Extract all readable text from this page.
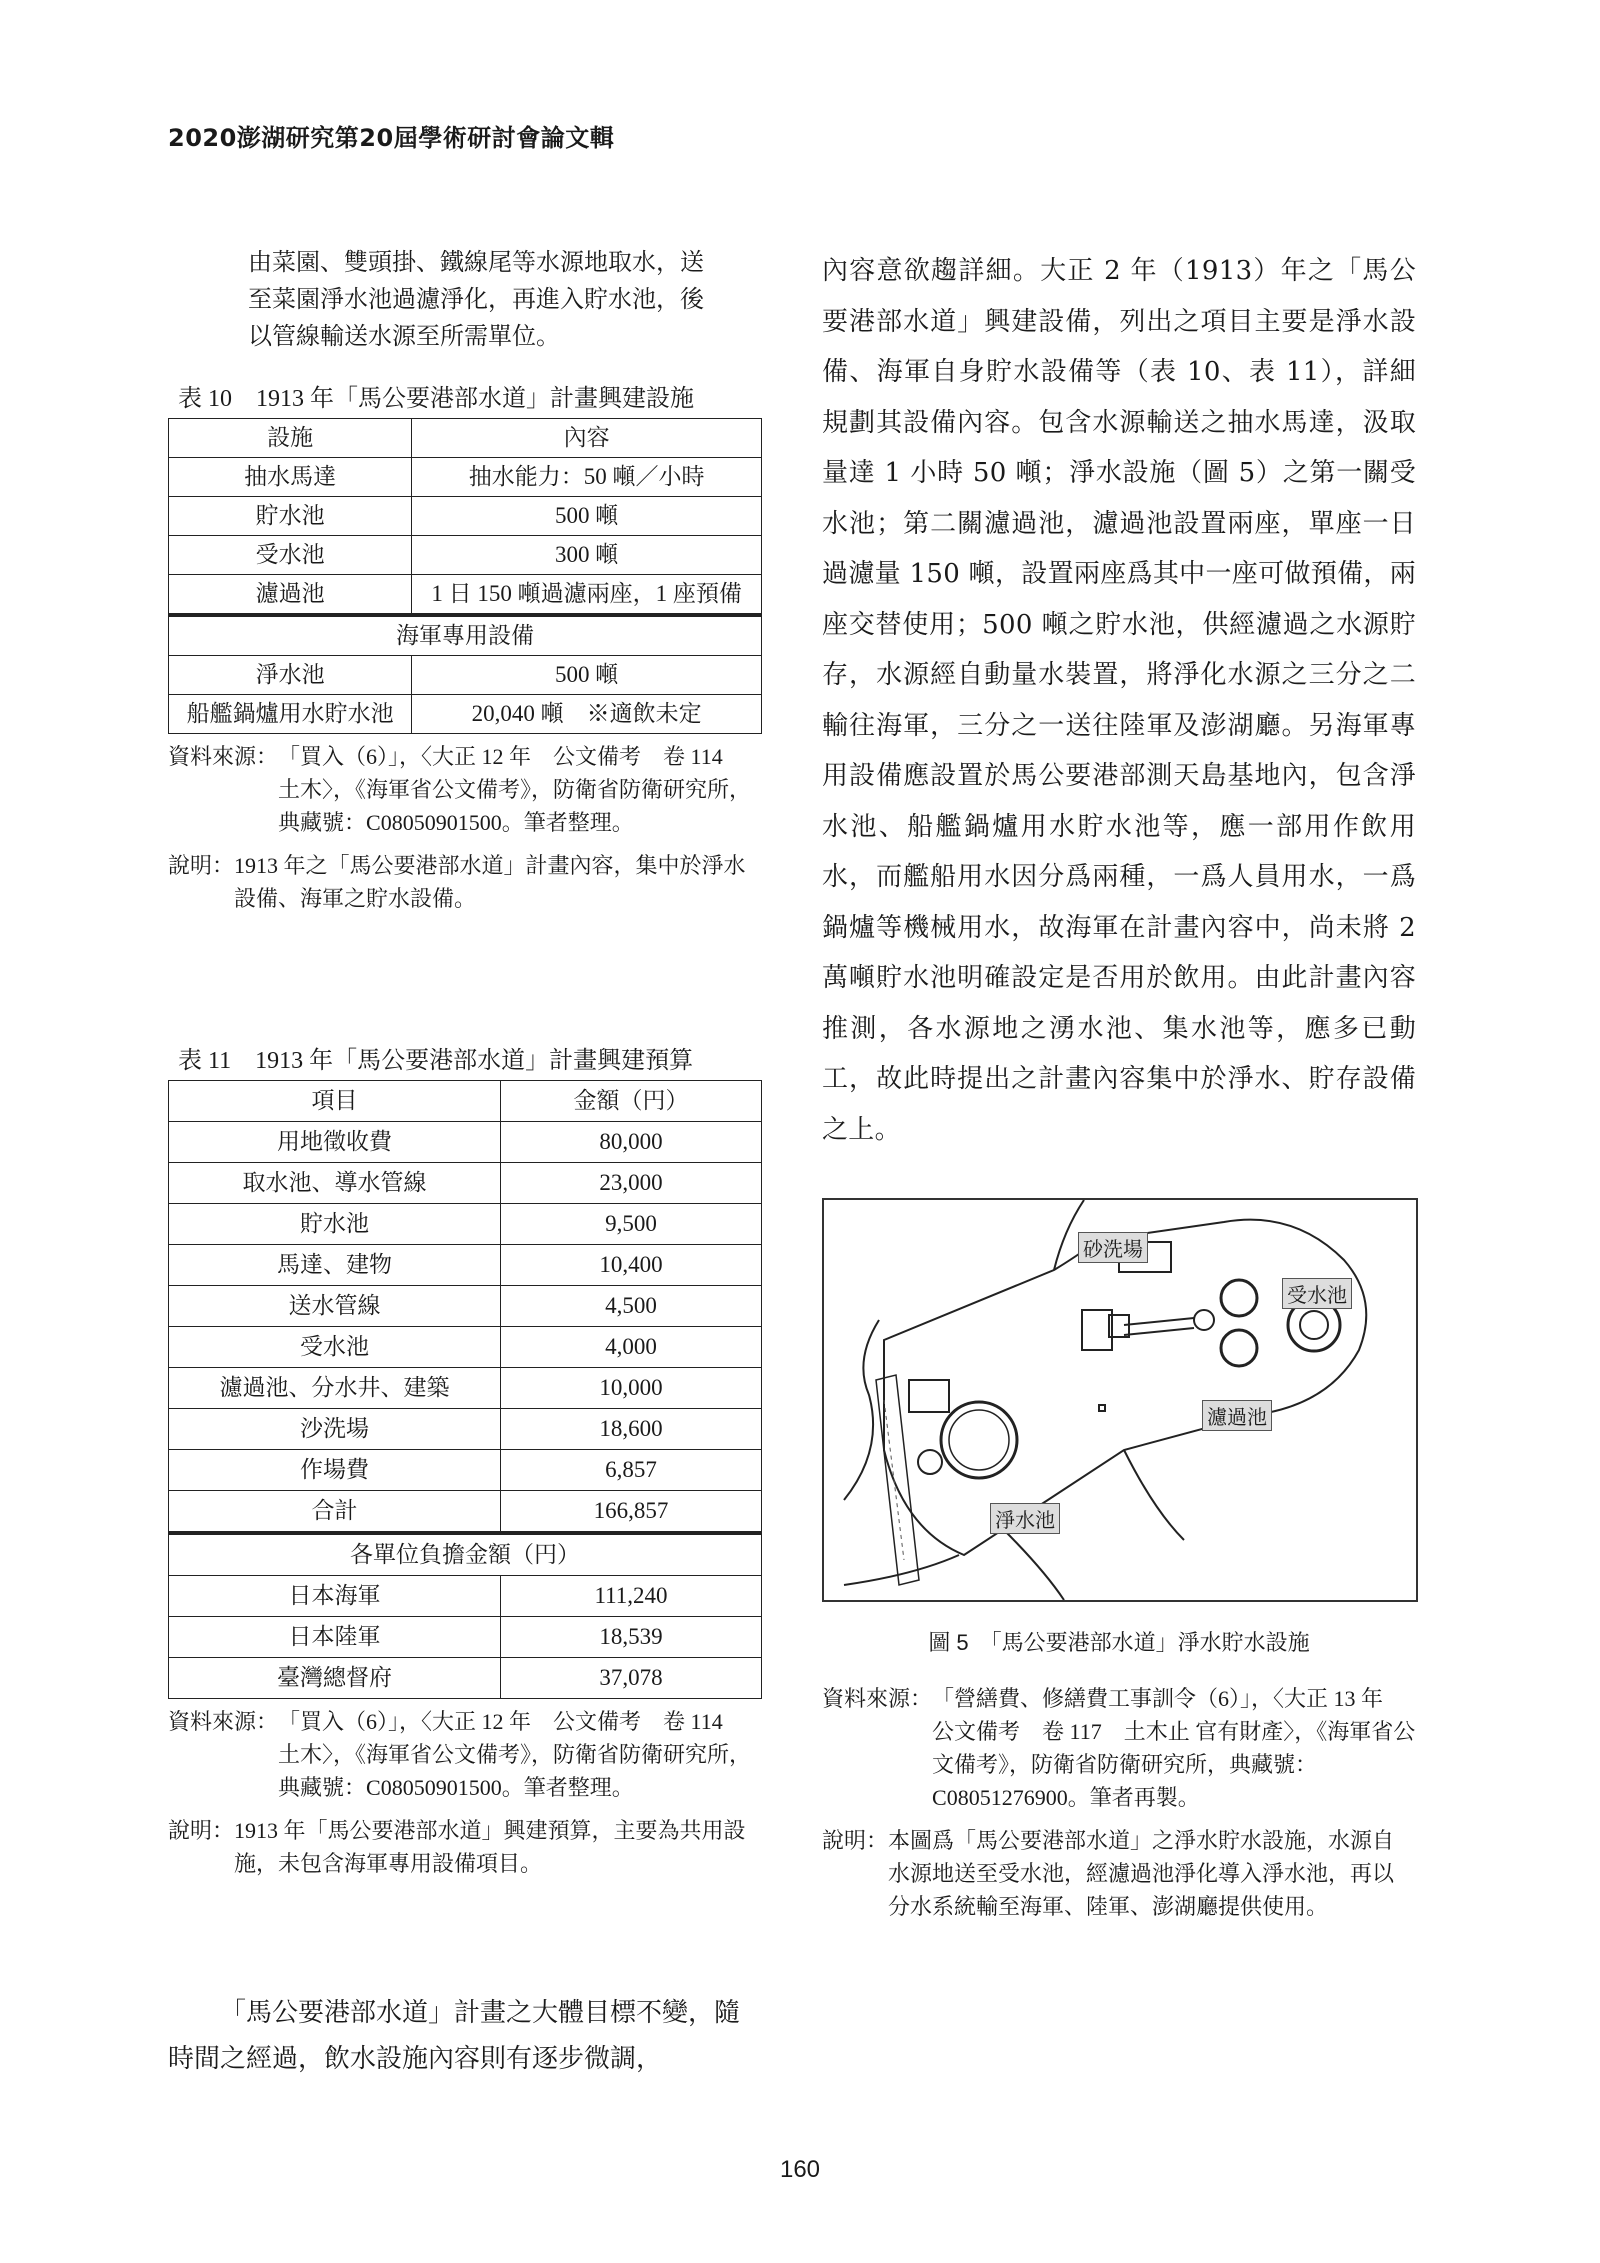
2020澎湖研究第20屆學術研討會論文輯

由菜園、雙頭掛、鐵線尾等水源地取水，送

至菜園淨水池過濾淨化，再進入貯水池，後

以管線輸送水源至所需單位。

表 10　1913 年「馬公要港部水道」計畫興建設施
設施	內容
抽水馬達	抽水能力：50 噸／小時
貯水池	500 噸
受水池	300 噸
濾過池	1 日 150 噸過濾兩座，1 座預備
海軍專用設備	
淨水池	500 噸
船艦鍋爐用水貯水池	20,040 噸　※適飲未定
資料來源： 「買入（6）」，〈大正 12 年　公文備考　卷 114　土木〉，《海軍省公文備考》，防衛省防衛研究所，典藏號：C08050901500。筆者整理。
說明： 1913 年之「馬公要港部水道」計畫內容，集中於淨水設備、海軍之貯水設備。
表 11　1913 年「馬公要港部水道」計畫興建預算
項目	金額（円）
用地徵收費	80,000
取水池、導水管線	23,000
貯水池	9,500
馬達、建物	10,400
送水管線	4,500
受水池	4,000
濾過池、分水井、建築	10,000
沙洗場	18,600
作場費	6,857
合計	166,857
各單位負擔金額（円）	
日本海軍	111,240
日本陸軍	18,539
臺灣總督府	37,078
資料來源： 「買入（6）」，〈大正 12 年　公文備考　卷 114　土木〉，《海軍省公文備考》，防衛省防衛研究所，典藏號：C08050901500。筆者整理。
說明： 1913 年「馬公要港部水道」興建預算，主要為共用設施，未包含海軍專用設備項目。

「馬公要港部水道」計畫之大體目標不變，隨時間之經過，飲水設施內容則有逐步微調，

內容意欲趨詳細。大正 2 年（1913）年之「馬公要港部水道」興建設備，列出之項目主要是淨水設備、海軍自身貯水設備等（表 10、表 11），詳細規劃其設備內容。包含水源輸送之抽水馬達，汲取量達 1 小時 50 噸；淨水設施（圖 5）之第一關受水池；第二關濾過池，濾過池設置兩座，單座一日過濾量 150 噸，設置兩座爲其中一座可做預備，兩座交替使用；500 噸之貯水池，供經濾過之水源貯存，水源經自動量水裝置，將淨化水源之三分之二輸往海軍，三分之一送往陸軍及澎湖廳。另海軍專用設備應設置於馬公要港部測天島基地內，包含淨水池、船艦鍋爐用水貯水池等，應一部用作飲用水，而艦船用水因分爲兩種，一爲人員用水，一爲鍋爐等機械用水，故海軍在計畫內容中，尚未將 2 萬噸貯水池明確設定是否用於飲用。由此計畫內容推測，各水源地之湧水池、集水池等，應多已動工，故此時提出之計畫內容集中於淨水、貯存設備之上。

砂洗場
受水池
濾過池
淨水池
圖 5　「馬公要港部水道」淨水貯水設施
資料來源： 「營繕費、修繕費工事訓令（6）」，〈大正 13 年　公文備考　卷 117　土木止 官有財產〉，《海軍省公文備考》，防衛省防衛研究所，典藏號：C08051276900。筆者再製。
說明： 本圖爲「馬公要港部水道」之淨水貯水設施，水源自水源地送至受水池，經濾過池淨化導入淨水池，再以分水系統輸至海軍、陸軍、澎湖廳提供使用。
160
